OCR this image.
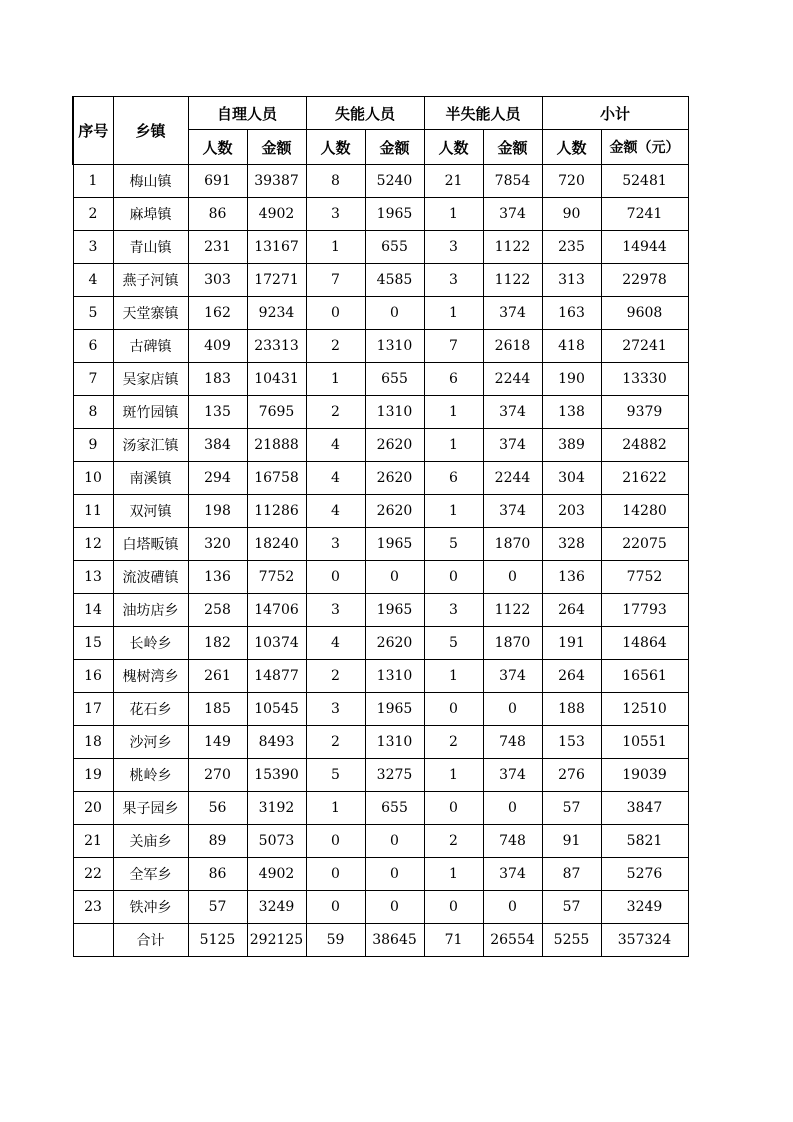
序号	乡镇	自理人员		失能人员		半失能人员		小计	
		人数	金额	人数	金额	人数	金额	人数	金额（元）
1	梅山镇	691	39387	8	5240	21	7854	720	52481
2	麻埠镇	86	4902	3	1965	1	374	90	7241
3	青山镇	231	13167	1	655	3	1122	235	14944
4	燕子河镇	303	17271	7	4585	3	1122	313	22978
5	天堂寨镇	162	9234	0	0	1	374	163	9608
6	古碑镇	409	23313	2	1310	7	2618	418	27241
7	吴家店镇	183	10431	1	655	6	2244	190	13330
8	斑竹园镇	135	7695	2	1310	1	374	138	9379
9	汤家汇镇	384	21888	4	2620	1	374	389	24882
10	南溪镇	294	16758	4	2620	6	2244	304	21622
11	双河镇	198	11286	4	2620	1	374	203	14280
12	白塔畈镇	320	18240	3	1965	5	1870	328	22075
13	流波𥕢镇	136	7752	0	0	0	0	136	7752
14	油坊店乡	258	14706	3	1965	3	1122	264	17793
15	长岭乡	182	10374	4	2620	5	1870	191	14864
16	槐树湾乡	261	14877	2	1310	1	374	264	16561
17	花石乡	185	10545	3	1965	0	0	188	12510
18	沙河乡	149	8493	2	1310	2	748	153	10551
19	桃岭乡	270	15390	5	3275	1	374	276	19039
20	果子园乡	56	3192	1	655	0	0	57	3847
21	关庙乡	89	5073	0	0	2	748	91	5821
22	全军乡	86	4902	0	0	1	374	87	5276
23	铁冲乡	57	3249	0	0	0	0	57	3249
	合计	5125	292125	59	38645	71	26554	5255	357324
